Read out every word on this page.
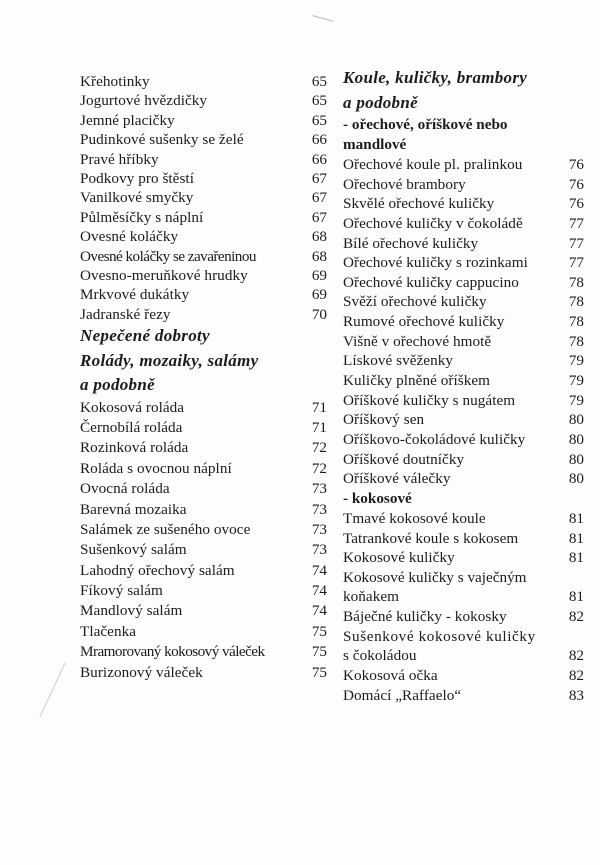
Křehotinky	65
Jogurtové hvězdičky	65
Jemné placičky	65
Pudinkové sušenky se želé	66
Pravé hříbky	66
Podkovy pro štěstí	67
Vanilkové smyčky	67
Půlměsíčky s náplní	67
Ovesné koláčky	68
Ovesné koláčky se zavařeninou	68
Ovesno-meruňkové hrudky	69
Mrkvové dukátky	69
Jadranské řezy	70
Nepečené dobroty
Rolády, mozaiky, salámy
a podobně
Kokosová roláda	71
Černobílá roláda	71
Rozinková roláda	72
Roláda s ovocnou náplní	72
Ovocná roláda	73
Barevná mozaika	73
Salámek ze sušeného ovoce	73
Sušenkový salám	73
Lahodný ořechový salám	74
Fíkový salám	74
Mandlový salám	74
Tlačenka	75
Mramorovaný kokosový váleček	75
Burizonový váleček	75
Koule, kuličky, brambory
a podobně
- ořechové, oříškové nebo
mandlové
Ořechové koule pl. pralinkou	76
Ořechové brambory	76
Skvělé ořechové kuličky	76
Ořechové kuličky v čokoládě	77
Bílé ořechové kuličky	77
Ořechové kuličky s rozinkami	77
Ořechové kuličky cappucino	78
Svěží ořechové kuličky	78
Rumové ořechové kuličky	78
Višně v ořechové hmotě	78
Lískové svěženky	79
Kuličky plněné oříškem	79
Oříškové kuličky s nugátem	79
Oříškový sen	80
Oříškovo-čokoládové kuličky	80
Oříškové doutníčky	80
Oříškové válečky	80
- kokosové
Tmavé kokosové koule	81
Tatrankové koule s kokosem	81
Kokosové kuličky	81
Kokosové kuličky s vaječným
koňakem	81
Báječné kuličky - kokosky	82
Sušenkové kokosové kuličky
s čokoládou	82
Kokosová očka	82
Domácí „Raffaelo“	83
